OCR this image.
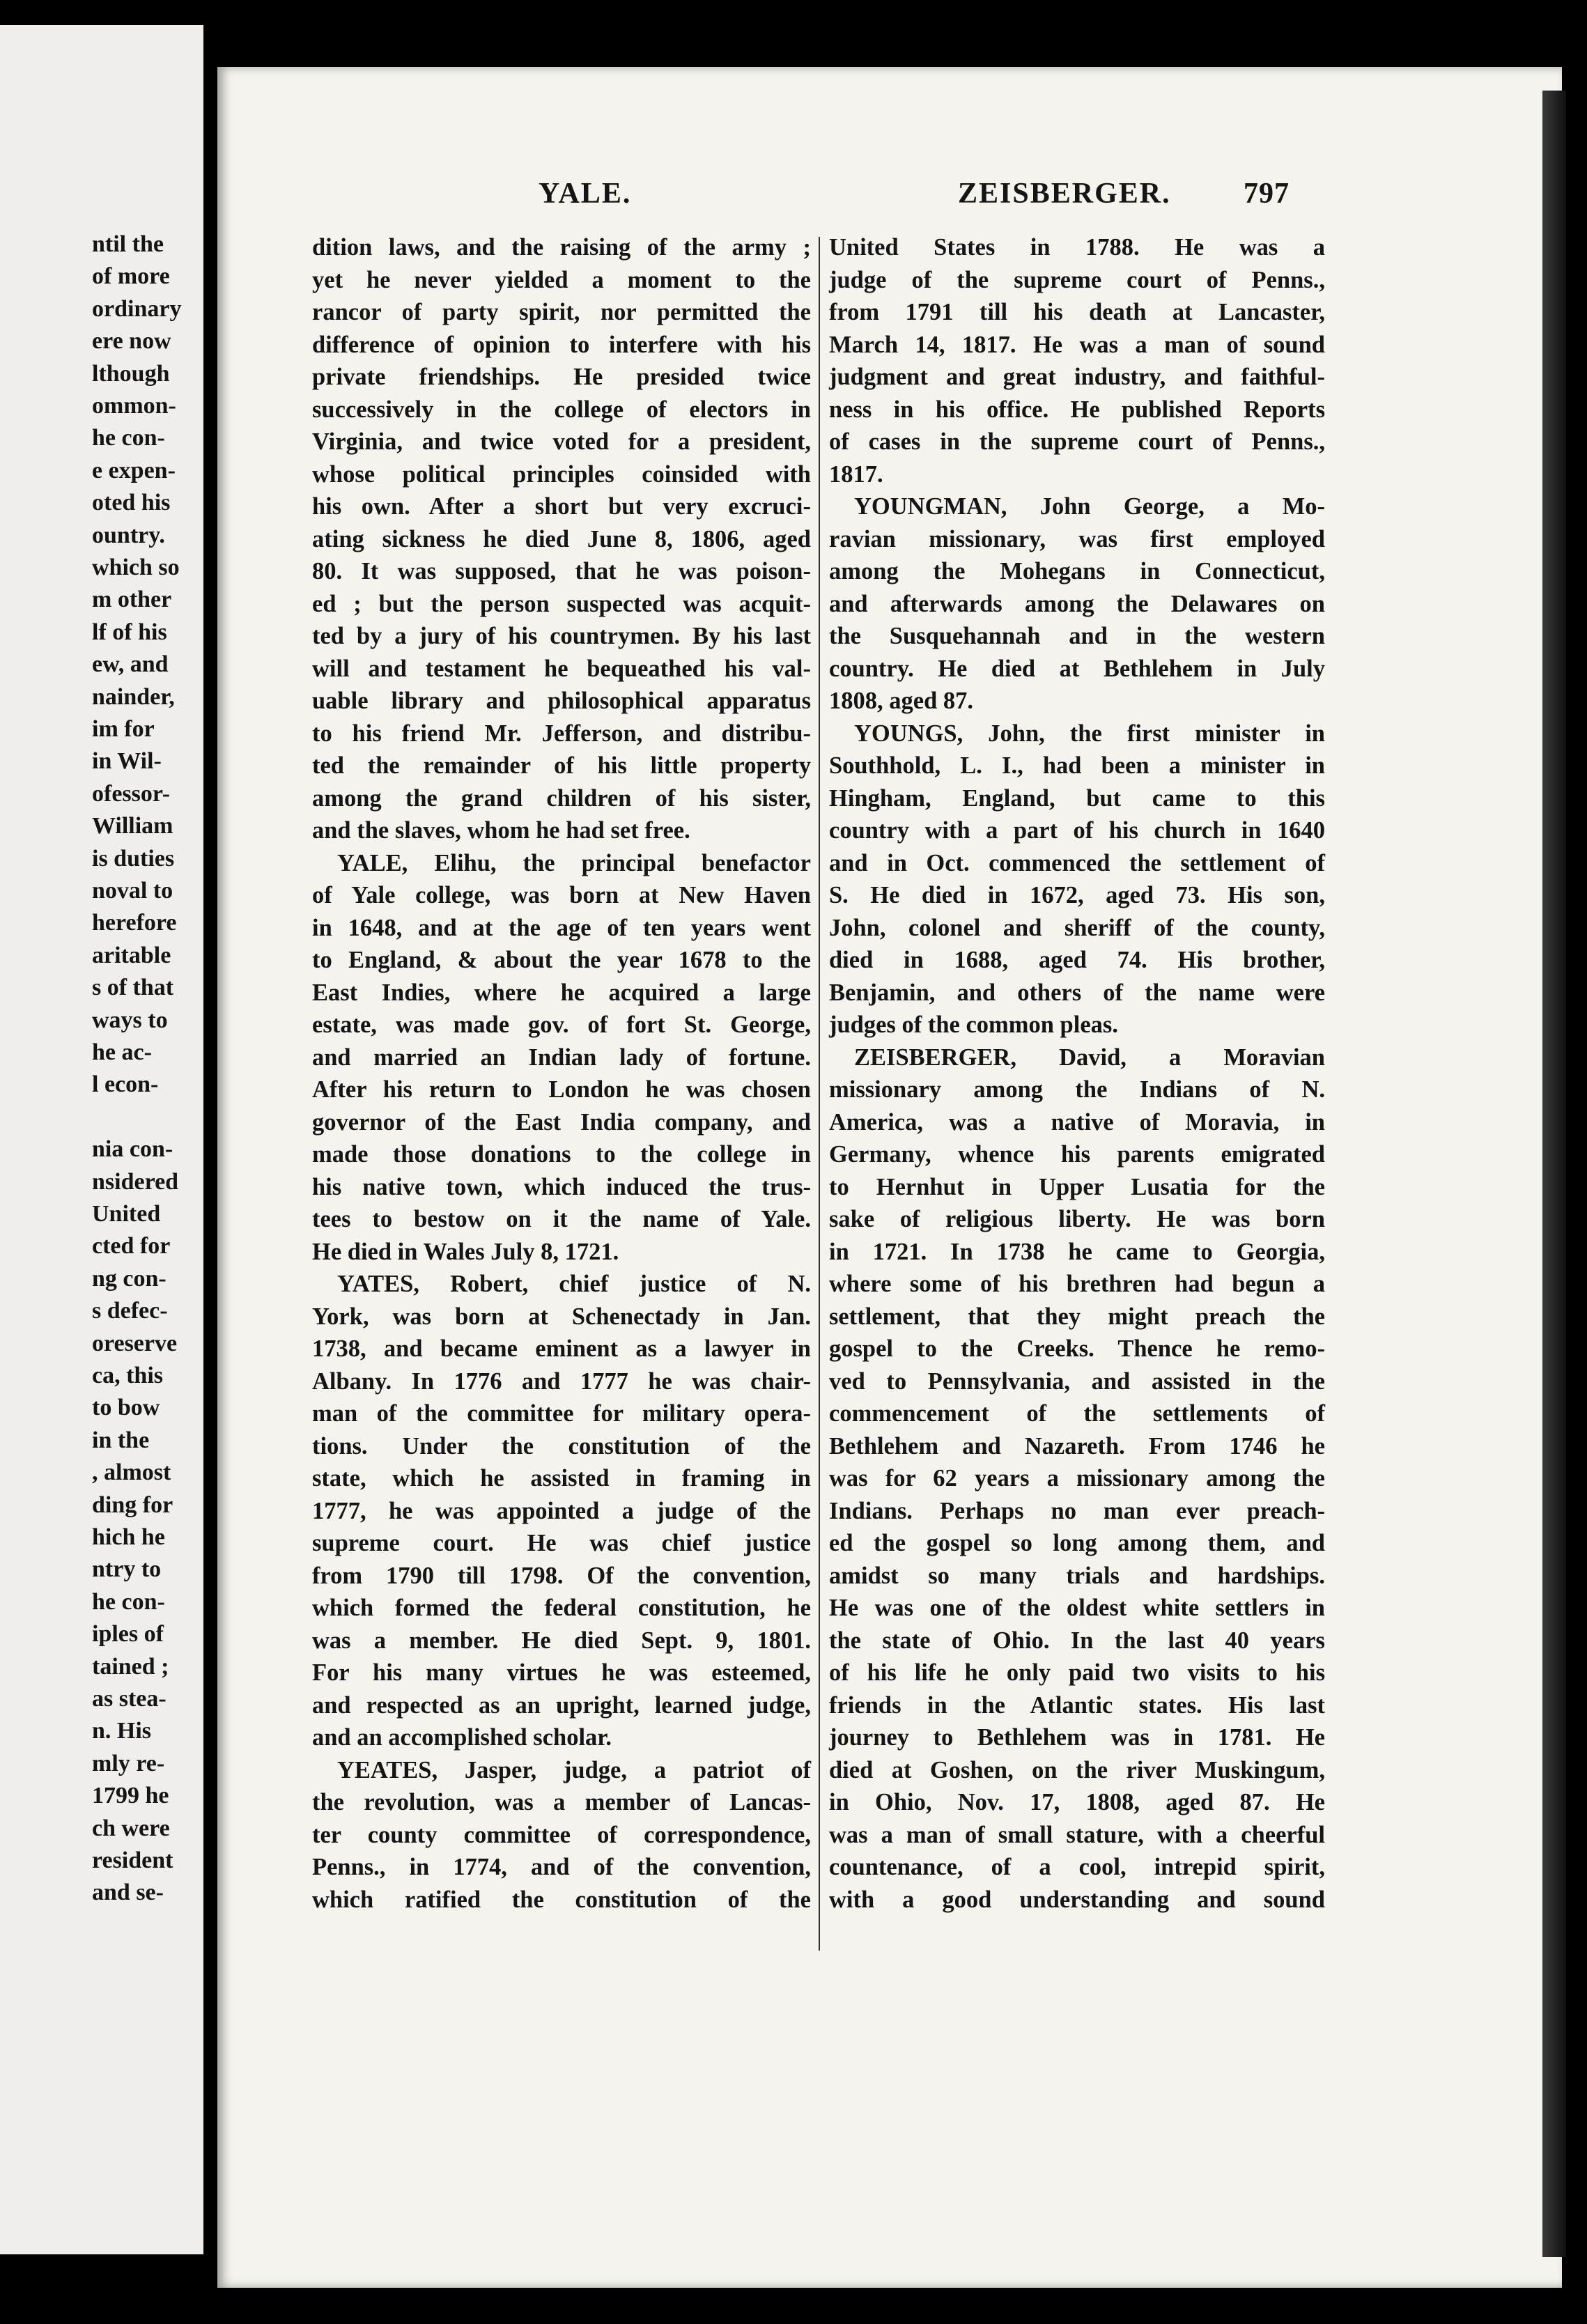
ntil the
of more
ordinary
ere now
lthough
ommon-
he con-
e expen-
oted his
ountry.
which so
m other
lf of his
ew, and
nainder,
im for
in Wil-
ofessor-
William
is duties
noval to
herefore
aritable
s of that
ways to
he ac-
l econ-
nia con-
nsidered
United
cted for
ng con-
s defec-
oreserve
ca, this
to bow
in the
, almost
ding for
hich he
ntry to
he con-
iples of
tained ;
as stea-
n. His
mly re-
1799 he
ch were
resident
and se-
YALE.	ZEISBERGER. 797
dition laws, and the raising of the army ;
yet he never yielded a moment to the
rancor of party spirit, nor permitted the
difference of opinion to interfere with his
private friendships. He presided twice
successively in the college of electors in
Virginia, and twice voted for a president,
whose political principles coinsided with
his own. After a short but very excruci-
ating sickness he died June 8, 1806, aged
80. It was supposed, that he was poison-
ed ; but the person suspected was acquit-
ted by a jury of his countrymen. By his last
will and testament he bequeathed his val-
uable library and philosophical apparatus
to his friend Mr. Jefferson, and distribu-
ted the remainder of his little property
among the grand children of his sister,
and the slaves, whom he had set free.
YALE, Elihu, the principal benefactor
of Yale college, was born at New Haven
in 1648, and at the age of ten years went
to England, & about the year 1678 to the
East Indies, where he acquired a large
estate, was made gov. of fort St. George,
and married an Indian lady of fortune.
After his return to London he was chosen
governor of the East India company, and
made those donations to the college in
his native town, which induced the trus-
tees to bestow on it the name of Yale.
He died in Wales July 8, 1721.
YATES, Robert, chief justice of N.
York, was born at Schenectady in Jan.
1738, and became eminent as a lawyer in
Albany. In 1776 and 1777 he was chair-
man of the committee for military opera-
tions. Under the constitution of the
state, which he assisted in framing in
1777, he was appointed a judge of the
supreme court. He was chief justice
from 1790 till 1798. Of the convention,
which formed the federal constitution, he
was a member. He died Sept. 9, 1801.
For his many virtues he was esteemed,
and respected as an upright, learned judge,
and an accomplished scholar.
YEATES, Jasper, judge, a patriot of
the revolution, was a member of Lancas-
ter county committee of correspondence,
Penns., in 1774, and of the convention,
which ratified the constitution of the
United States in 1788. He was a
judge of the supreme court of Penns.,
from 1791 till his death at Lancaster,
March 14, 1817. He was a man of sound
judgment and great industry, and faithful-
ness in his office. He published Reports
of cases in the supreme court of Penns.,
1817.
YOUNGMAN, John George, a Mo-
ravian missionary, was first employed
among the Mohegans in Connecticut,
and afterwards among the Delawares on
the Susquehannah and in the western
country. He died at Bethlehem in July
1808, aged 87.
YOUNGS, John, the first minister in
Southhold, L. I., had been a minister in
Hingham, England, but came to this
country with a part of his church in 1640
and in Oct. commenced the settlement of
S. He died in 1672, aged 73. His son,
John, colonel and sheriff of the county,
died in 1688, aged 74. His brother,
Benjamin, and others of the name were
judges of the common pleas.
ZEISBERGER, David, a Moravian
missionary among the Indians of N.
America, was a native of Moravia, in
Germany, whence his parents emigrated
to Hernhut in Upper Lusatia for the
sake of religious liberty. He was born
in 1721. In 1738 he came to Georgia,
where some of his brethren had begun a
settlement, that they might preach the
gospel to the Creeks. Thence he remo-
ved to Pennsylvania, and assisted in the
commencement of the settlements of
Bethlehem and Nazareth. From 1746 he
was for 62 years a missionary among the
Indians. Perhaps no man ever preach-
ed the gospel so long among them, and
amidst so many trials and hardships.
He was one of the oldest white settlers in
the state of Ohio. In the last 40 years
of his life he only paid two visits to his
friends in the Atlantic states. His last
journey to Bethlehem was in 1781. He
died at Goshen, on the river Muskingum,
in Ohio, Nov. 17, 1808, aged 87. He
was a man of small stature, with a cheerful
countenance, of a cool, intrepid spirit,
with a good understanding and sound
